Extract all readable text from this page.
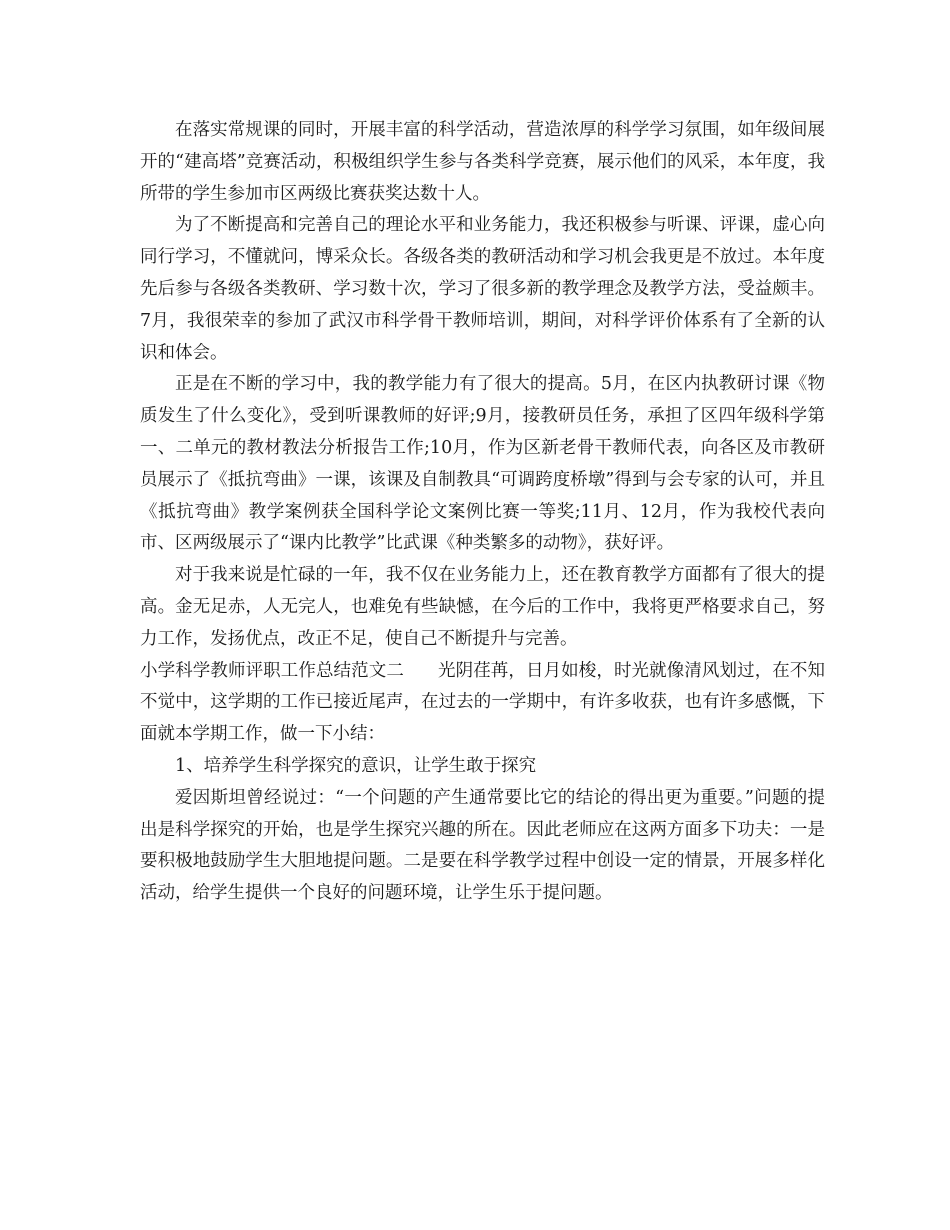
在落实常规课的同时，开展丰富的科学活动，营造浓厚的科学学习氛围，如年级间展开的“建高塔”竞赛活动，积极组织学生参与各类科学竞赛，展示他们的风采，本年度，我所带的学生参加市区两级比赛获奖达数十人。

为了不断提高和完善自己的理论水平和业务能力，我还积极参与听课、评课，虚心向同行学习，不懂就问，博采众长。各级各类的教研活动和学习机会我更是不放过。本年度先后参与各级各类教研、学习数十次，学习了很多新的教学理念及教学方法，受益颇丰。7月，我很荣幸的参加了武汉市科学骨干教师培训，期间，对科学评价体系有了全新的认识和体会。

正是在不断的学习中，我的教学能力有了很大的提高。5月，在区内执教研讨课《物质发生了什么变化》，受到听课教师的好评;9月，接教研员任务，承担了区四年级科学第一、二单元的教材教法分析报告工作;10月，作为区新老骨干教师代表，向各区及市教研员展示了《抵抗弯曲》一课，该课及自制教具“可调跨度桥墩”得到与会专家的认可，并且《抵抗弯曲》教学案例获全国科学论文案例比赛一等奖;11月、12月，作为我校代表向市、区两级展示了“课内比教学”比武课《种类繁多的动物》，获好评。

对于我来说是忙碌的一年，我不仅在业务能力上，还在教育教学方面都有了很大的提高。金无足赤，人无完人，也难免有些缺憾，在今后的工作中，我将更严格要求自己，努力工作，发扬优点，改正不足，使自己不断提升与完善。

小学科学教师评职工作总结范文二 光阴荏苒，日月如梭，时光就像清风划过，在不知不觉中，这学期的工作已接近尾声，在过去的一学期中，有许多收获，也有许多感慨，下面就本学期工作，做一下小结：

1、培养学生科学探究的意识，让学生敢于探究

爱因斯坦曾经说过：“一个问题的产生通常要比它的结论的得出更为重要。”问题的提出是科学探究的开始，也是学生探究兴趣的所在。因此老师应在这两方面多下功夫：一是要积极地鼓励学生大胆地提问题。二是要在科学教学过程中创设一定的情景，开展多样化活动，给学生提供一个良好的问题环境，让学生乐于提问题。
